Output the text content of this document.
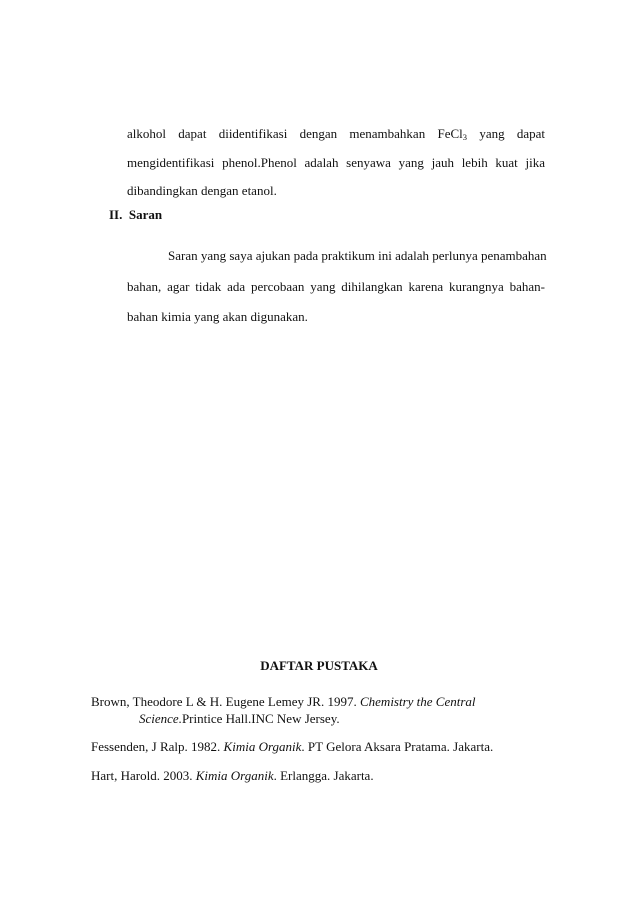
alkohol dapat diidentifikasi dengan menambahkan FeCl$_3$ yang dapat
mengidentifikasi phenol.Phenol adalah senyawa yang jauh lebih kuat jika
dibandingkan dengan etanol.
II.  Saran
Saran yang saya ajukan pada praktikum ini adalah perlunya penambahan
bahan, agar tidak ada percobaan yang dihilangkan karena kurangnya bahan-
bahan kimia yang akan digunakan.
DAFTAR PUSTAKA
Brown, Theodore L & H. Eugene Lemey JR. 1997. Chemistry the Central
Science.Printice Hall.INC New Jersey.
Fessenden, J Ralp. 1982. Kimia Organik. PT Gelora Aksara Pratama. Jakarta.
Hart, Harold. 2003. Kimia Organik. Erlangga. Jakarta.
